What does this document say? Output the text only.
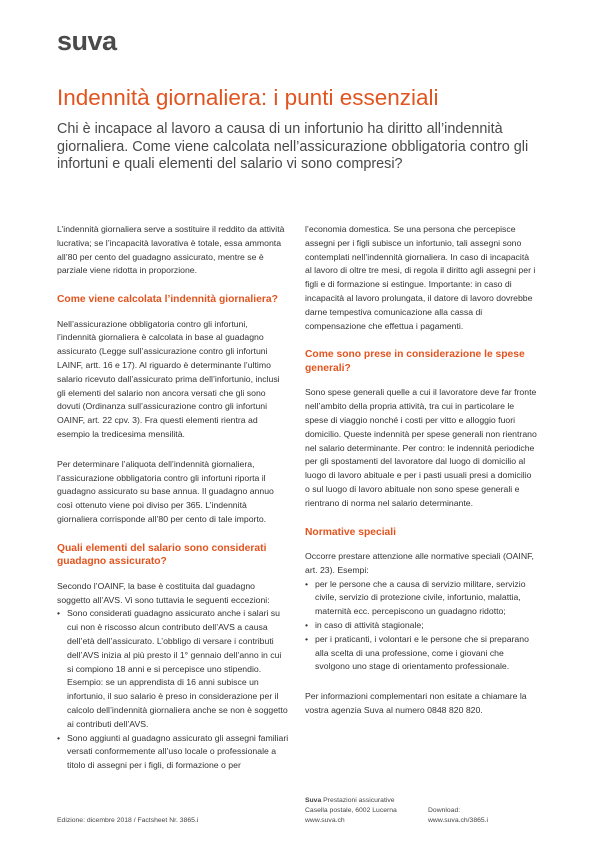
suva
Indennità giornaliera: i punti essenziali
Chi è incapace al lavoro a causa di un infortunio ha diritto all’indennità giornaliera. Come viene calcolata nell’assicurazione obbligatoria contro gli infortuni e quali elementi del salario vi sono compresi?

L’indennità giornaliera serve a sostituire il reddito da attività lucrativa; se l’incapacità lavorativa è totale, essa ammonta all’80 per cento del guadagno assicurato, mentre se è parziale viene ridotta in proporzione.

Come viene calcolata l’indennità giornaliera?

Nell’assicurazione obbligatoria contro gli infortuni, l’indennità giornaliera è calcolata in base al guadagno assicurato (Legge sull’assicurazione contro gli infortuni LAINF, artt. 16 e 17). Al riguardo è determinante l’ultimo salario ricevuto dall’assicurato prima dell’infortunio, inclusi gli elementi del salario non ancora versati che gli sono dovuti (Ordinanza sull’assicurazione contro gli infortuni OAINF, art. 22 cpv. 3). Fra questi elementi rientra ad esempio la tredicesima mensilità.

Per determinare l’aliquota dell’indennità giornaliera, l’assicurazione obbligatoria contro gli infortuni riporta il guadagno assicurato su base annua. Il guadagno annuo così ottenuto viene poi diviso per 365. L’indennità giornaliera corrisponde all’80 per cento di tale importo.

Quali elementi del salario sono considerati guadagno assicurato?

Secondo l’OAINF, la base è costituita dal guadagno soggetto all’AVS. Vi sono tuttavia le seguenti eccezioni:

• Sono considerati guadagno assicurato anche i salari su cui non è riscosso alcun contributo dell’AVS a causa dell’età dell’assicurato. L’obbligo di versare i contributi dell’AVS inizia al più presto il 1° gennaio dell’anno in cui si compiono 18 anni e si percepisce uno stipendio. Esempio: se un apprendista di 16 anni subisce un infortunio, il suo salario è preso in considerazione per il calcolo dell’indennità giornaliera anche se non è soggetto ai contributi dell’AVS.
• Sono aggiunti al guadagno assicurato gli assegni familiari versati conformemente all’uso locale o professionale a titolo di assegni per i figli, di formazione o per

l’economia domestica. Se una persona che percepisce assegni per i figli subisce un infortunio, tali assegni sono contemplati nell’indennità giornaliera. In caso di incapacità al lavoro di oltre tre mesi, di regola il diritto agli assegni per i figli e di formazione si estingue. Importante: in caso di incapacità al lavoro prolungata, il datore di lavoro dovrebbe darne tempestiva comunicazione alla cassa di compensazione che effettua i pagamenti.

Come sono prese in considerazione le spese generali?

Sono spese generali quelle a cui il lavoratore deve far fronte nell’ambito della propria attività, tra cui in particolare le spese di viaggio nonché i costi per vitto e alloggio fuori domicilio. Queste indennità per spese generali non rientrano nel salario determinante. Per contro: le indennità periodiche per gli spostamenti del lavoratore dal luogo di domicilio al luogo di lavoro abituale e per i pasti usuali presi a domicilio o sul luogo di lavoro abituale non sono spese generali e rientrano di norma nel salario determinante.

Normative speciali

Occorre prestare attenzione alle normative speciali (OAINF, art. 23). Esempi:

• per le persone che a causa di servizio militare, servizio civile, servizio di protezione civile, infortunio, malattia, maternità ecc. percepiscono un guadagno ridotto;
• in caso di attività stagionale;
• per i praticanti, i volontari e le persone che si preparano alla scelta di una professione, come i giovani che svolgono uno stage di orientamento professionale.

Per informazioni complementari non esitate a chiamare la vostra agenzia Suva al numero 0848 820 820.

Edizione: dicembre 2018 / Factsheet Nr. 3865.i
Suva Prestazioni assicurative
Casella postale, 6002 Lucerna
www.suva.ch
Download:
www.suva.ch/3865.i
